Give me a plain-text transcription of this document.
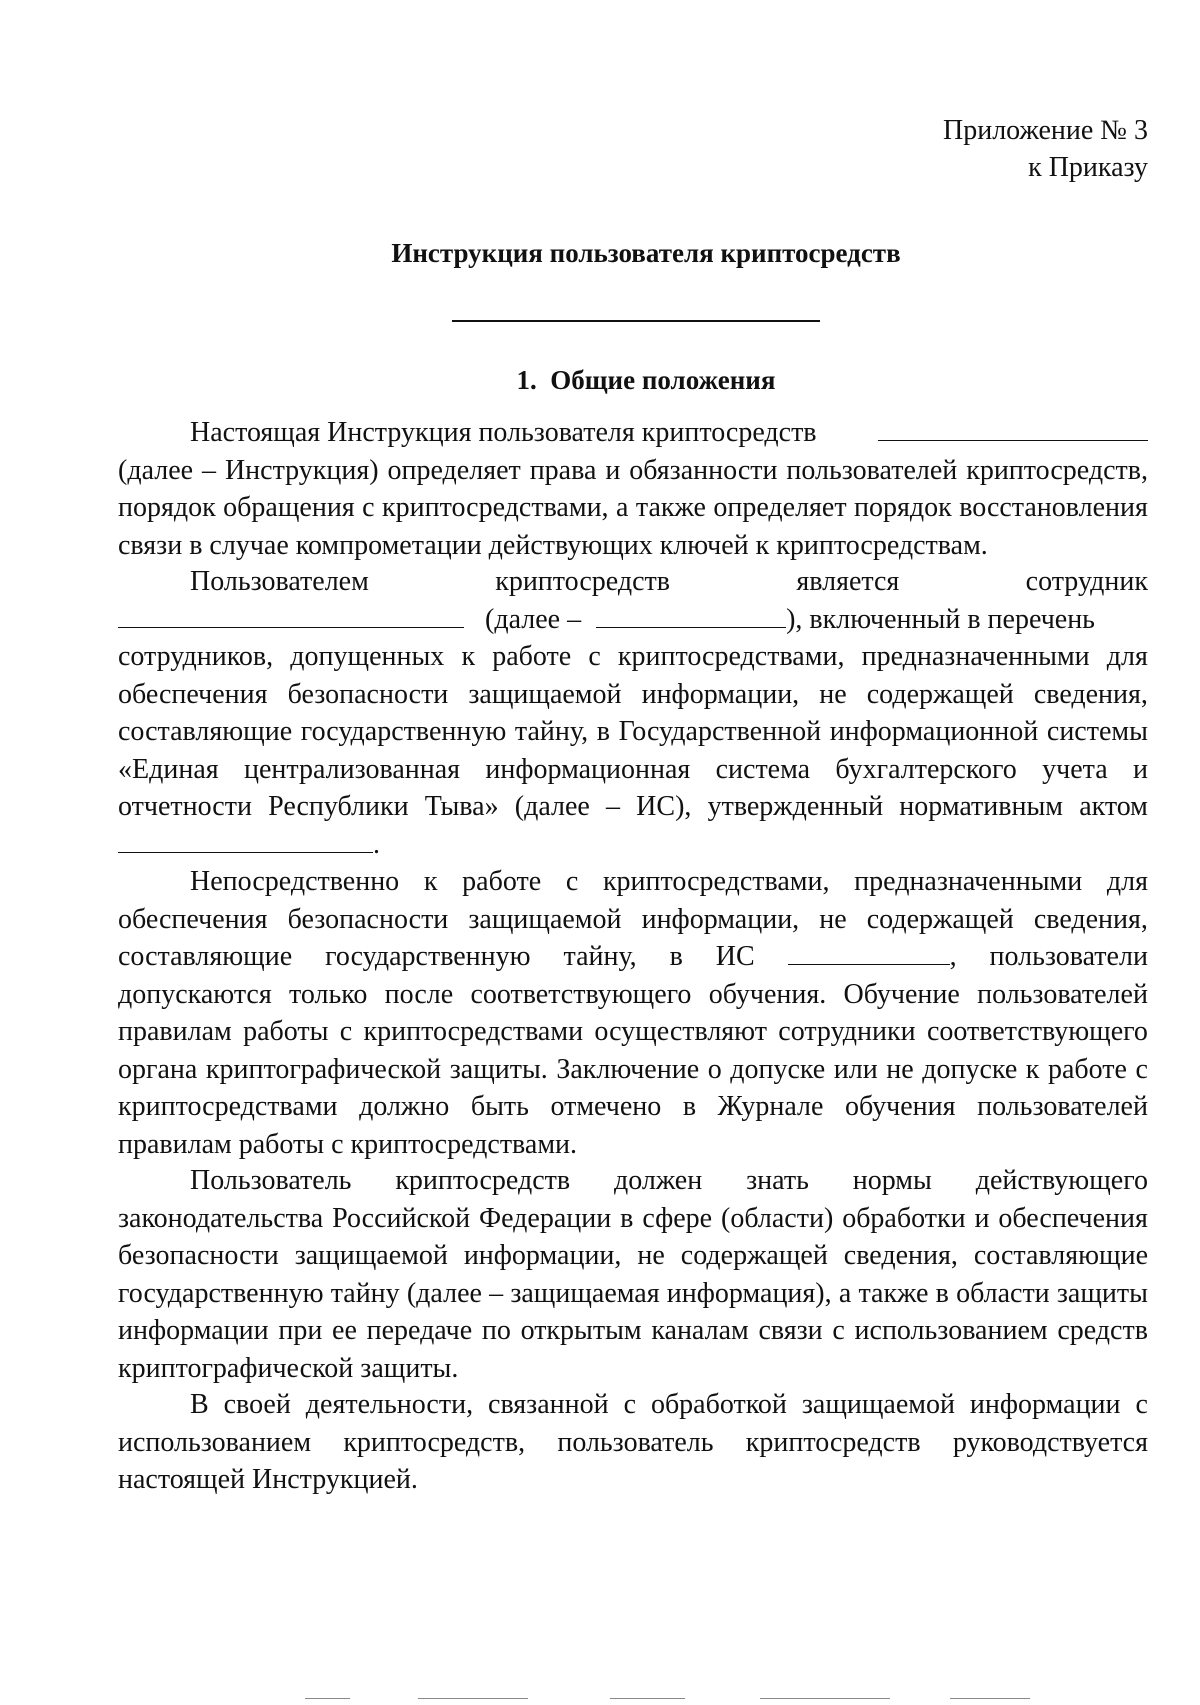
Приложение № 3
к Приказу
Инструкция пользователя криптосредств
1. Общие положения
Настоящая Инструкция пользователя криптосредств
(далее – Инструкция) определяет права и обязанности пользователей криптосредств,
порядок обращения с криптосредствами, а также определяет порядок восстановления
связи в случае компрометации действующих ключей к криптосредствам.
Пользователем	криптосредств	является	сотрудник
(далее –	), включенный в перечень
сотрудников, допущенных к работе с криптосредствами, предназначенными для
обеспечения безопасности защищаемой информации, не содержащей сведения,
составляющие государственную тайну, в Государственной информационной системы
«Единая централизованная информационная система бухгалтерского учета и
отчетности Республики Тыва» (далее – ИС), утвержденный нормативным актом
.
Непосредственно к работе с криптосредствами, предназначенными для
обеспечения безопасности защищаемой информации, не содержащей сведения,
составляющие государственную тайну, в ИС	, пользователи
допускаются только после соответствующего обучения. Обучение пользователей
правилам работы с криптосредствами осуществляют сотрудники соответствующего
органа криптографической защиты. Заключение о допуске или не допуске к работе с
криптосредствами должно быть отмечено в Журнале обучения пользователей
правилам работы с криптосредствами.
Пользователь криптосредств должен знать нормы действующего
законодательства Российской Федерации в сфере (области) обработки и обеспечения
безопасности защищаемой информации, не содержащей сведения, составляющие
государственную тайну (далее – защищаемая информация), а также в области защиты
информации при ее передаче по открытым каналам связи с использованием средств
криптографической защиты.
В своей деятельности, связанной с обработкой защищаемой информации с
использованием криптосредств, пользователь криптосредств руководствуется
настоящей Инструкцией.
